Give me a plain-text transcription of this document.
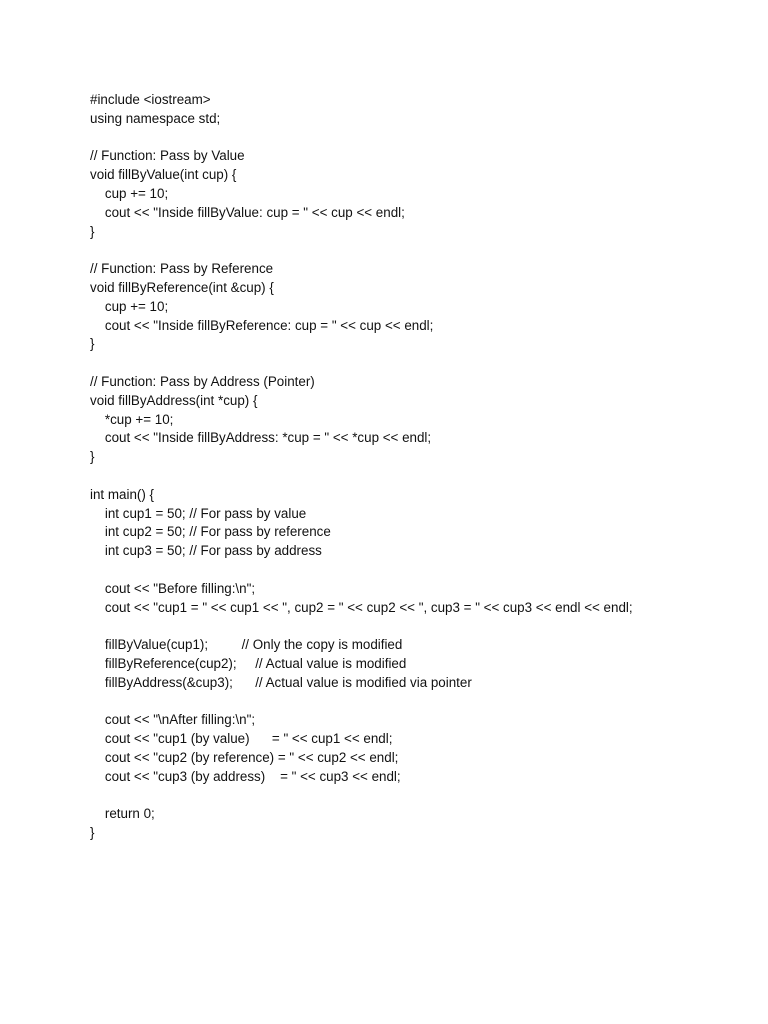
#include <iostream>
using namespace std;
// Function: Pass by Value
void fillByValue(int cup) {
cup += 10;
cout << "Inside fillByValue: cup = " << cup << endl;
}
// Function: Pass by Reference
void fillByReference(int &cup) {
cup += 10;
cout << "Inside fillByReference: cup = " << cup << endl;
}
// Function: Pass by Address (Pointer)
void fillByAddress(int *cup) {
*cup += 10;
cout << "Inside fillByAddress: *cup = " << *cup << endl;
}
int main() {
int cup1 = 50; // For pass by value
int cup2 = 50; // For pass by reference
int cup3 = 50; // For pass by address
cout << "Before filling:\n";
cout << "cup1 = " << cup1 << ", cup2 = " << cup2 << ", cup3 = " << cup3 << endl << endl;
fillByValue(cup1);         // Only the copy is modified
fillByReference(cup2);     // Actual value is modified
fillByAddress(&cup3);      // Actual value is modified via pointer
cout << "\nAfter filling:\n";
cout << "cup1 (by value)      = " << cup1 << endl;
cout << "cup2 (by reference) = " << cup2 << endl;
cout << "cup3 (by address)    = " << cup3 << endl;
return 0;
}
